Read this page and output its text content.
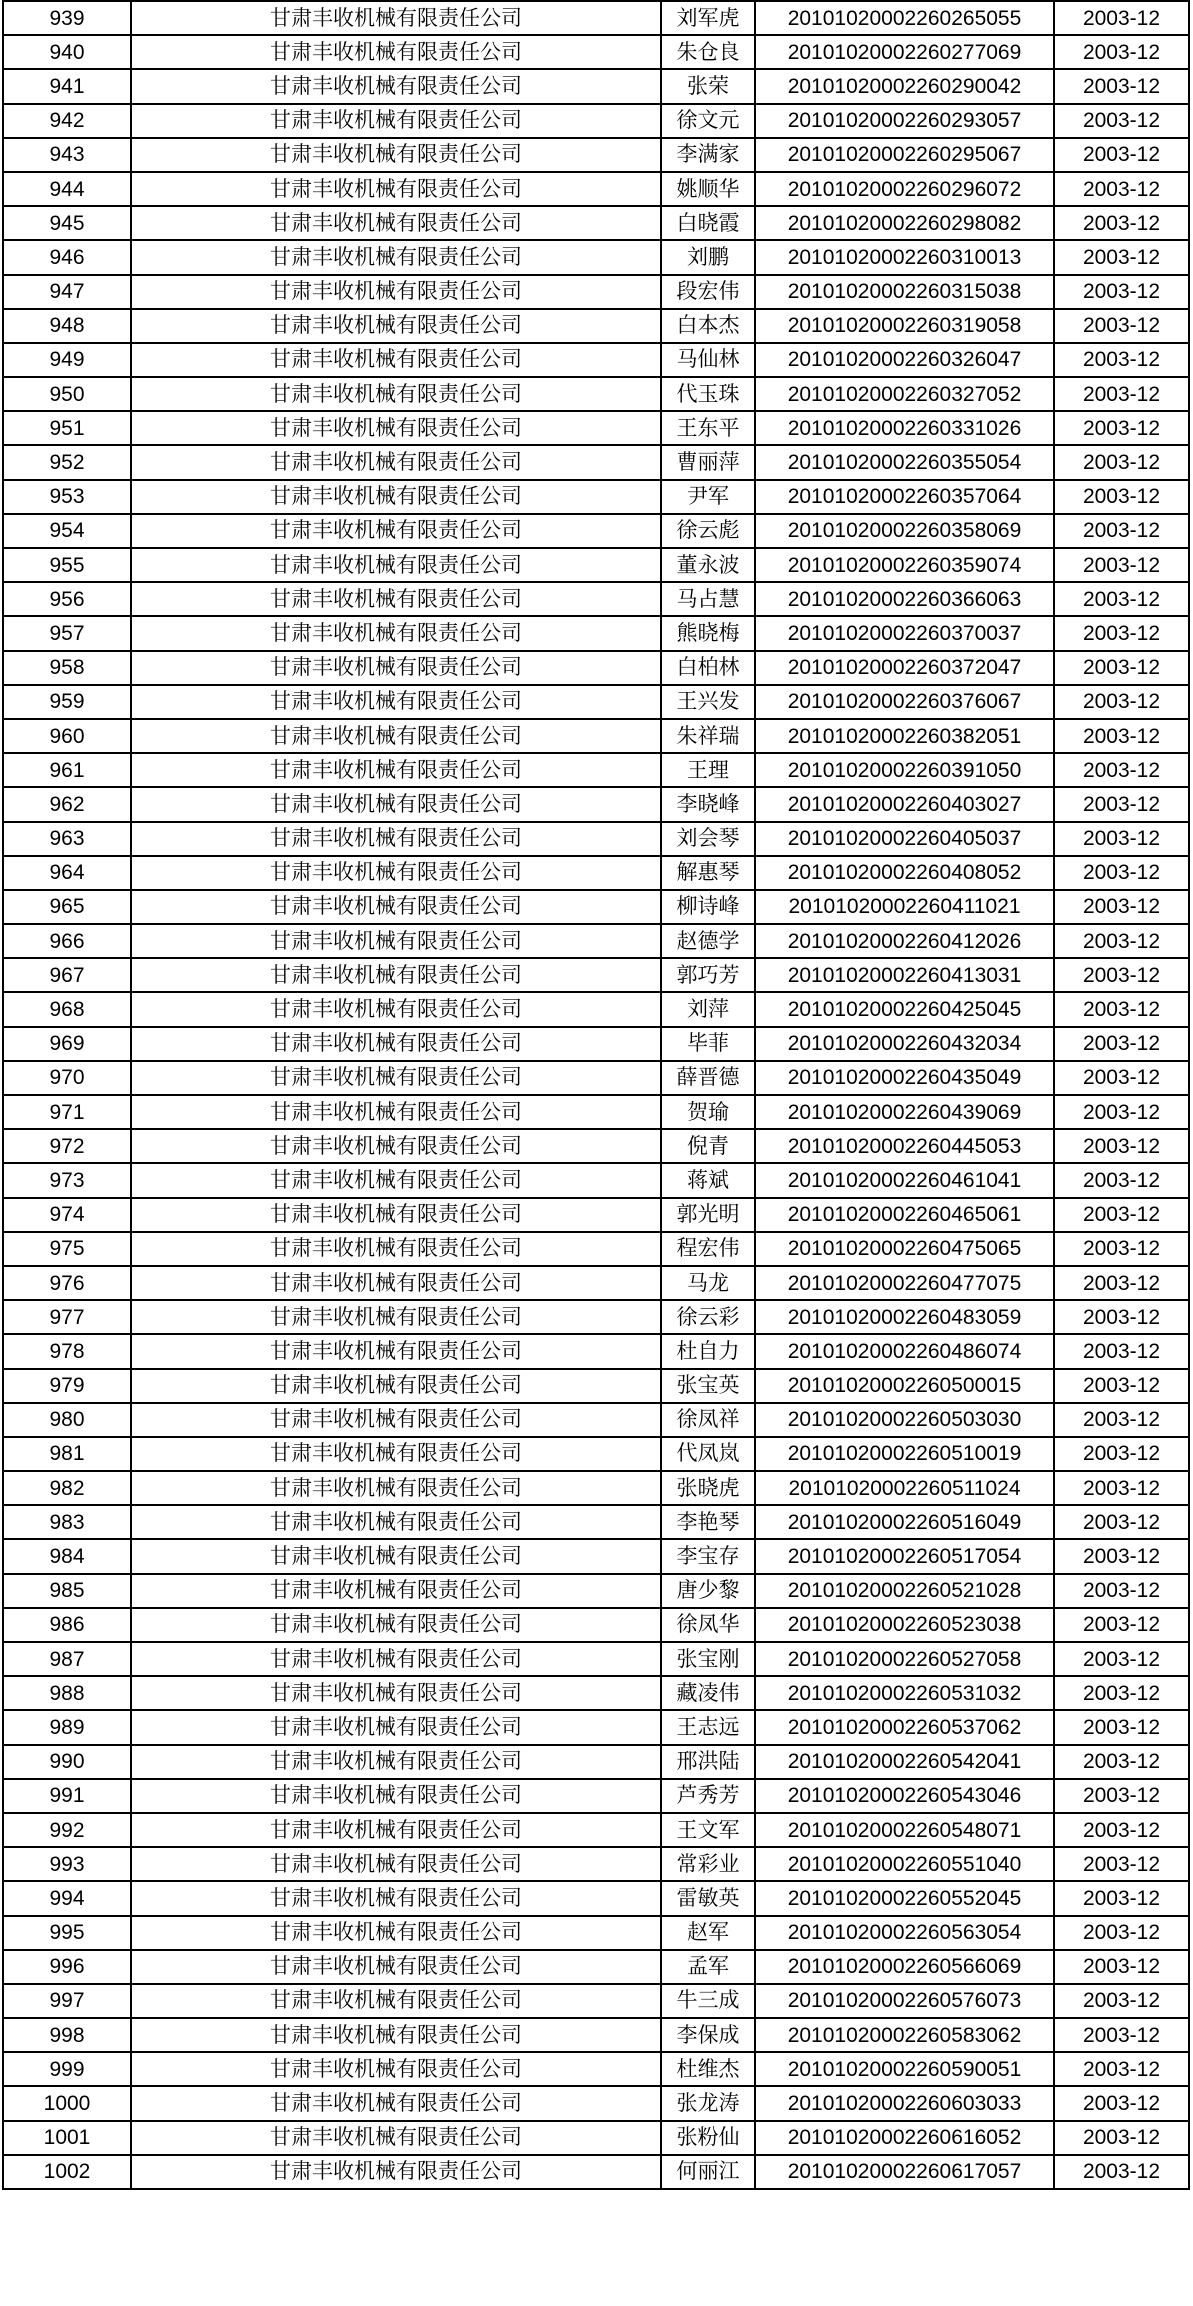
939	甘肃丰收机械有限责任公司	刘军虎	20101020002260265055	2003-12
940	甘肃丰收机械有限责任公司	朱仓良	20101020002260277069	2003-12
941	甘肃丰收机械有限责任公司	张荣	20101020002260290042	2003-12
942	甘肃丰收机械有限责任公司	徐文元	20101020002260293057	2003-12
943	甘肃丰收机械有限责任公司	李满家	20101020002260295067	2003-12
944	甘肃丰收机械有限责任公司	姚顺华	20101020002260296072	2003-12
945	甘肃丰收机械有限责任公司	白晓霞	20101020002260298082	2003-12
946	甘肃丰收机械有限责任公司	刘鹏	20101020002260310013	2003-12
947	甘肃丰收机械有限责任公司	段宏伟	20101020002260315038	2003-12
948	甘肃丰收机械有限责任公司	白本杰	20101020002260319058	2003-12
949	甘肃丰收机械有限责任公司	马仙林	20101020002260326047	2003-12
950	甘肃丰收机械有限责任公司	代玉珠	20101020002260327052	2003-12
951	甘肃丰收机械有限责任公司	王东平	20101020002260331026	2003-12
952	甘肃丰收机械有限责任公司	曹丽萍	20101020002260355054	2003-12
953	甘肃丰收机械有限责任公司	尹军	20101020002260357064	2003-12
954	甘肃丰收机械有限责任公司	徐云彪	20101020002260358069	2003-12
955	甘肃丰收机械有限责任公司	董永波	20101020002260359074	2003-12
956	甘肃丰收机械有限责任公司	马占慧	20101020002260366063	2003-12
957	甘肃丰收机械有限责任公司	熊晓梅	20101020002260370037	2003-12
958	甘肃丰收机械有限责任公司	白柏林	20101020002260372047	2003-12
959	甘肃丰收机械有限责任公司	王兴发	20101020002260376067	2003-12
960	甘肃丰收机械有限责任公司	朱祥瑞	20101020002260382051	2003-12
961	甘肃丰收机械有限责任公司	王理	20101020002260391050	2003-12
962	甘肃丰收机械有限责任公司	李晓峰	20101020002260403027	2003-12
963	甘肃丰收机械有限责任公司	刘会琴	20101020002260405037	2003-12
964	甘肃丰收机械有限责任公司	解惠琴	20101020002260408052	2003-12
965	甘肃丰收机械有限责任公司	柳诗峰	20101020002260411021	2003-12
966	甘肃丰收机械有限责任公司	赵德学	20101020002260412026	2003-12
967	甘肃丰收机械有限责任公司	郭巧芳	20101020002260413031	2003-12
968	甘肃丰收机械有限责任公司	刘萍	20101020002260425045	2003-12
969	甘肃丰收机械有限责任公司	毕菲	20101020002260432034	2003-12
970	甘肃丰收机械有限责任公司	薛晋德	20101020002260435049	2003-12
971	甘肃丰收机械有限责任公司	贺瑜	20101020002260439069	2003-12
972	甘肃丰收机械有限责任公司	倪青	20101020002260445053	2003-12
973	甘肃丰收机械有限责任公司	蒋斌	20101020002260461041	2003-12
974	甘肃丰收机械有限责任公司	郭光明	20101020002260465061	2003-12
975	甘肃丰收机械有限责任公司	程宏伟	20101020002260475065	2003-12
976	甘肃丰收机械有限责任公司	马龙	20101020002260477075	2003-12
977	甘肃丰收机械有限责任公司	徐云彩	20101020002260483059	2003-12
978	甘肃丰收机械有限责任公司	杜自力	20101020002260486074	2003-12
979	甘肃丰收机械有限责任公司	张宝英	20101020002260500015	2003-12
980	甘肃丰收机械有限责任公司	徐凤祥	20101020002260503030	2003-12
981	甘肃丰收机械有限责任公司	代凤岚	20101020002260510019	2003-12
982	甘肃丰收机械有限责任公司	张晓虎	20101020002260511024	2003-12
983	甘肃丰收机械有限责任公司	李艳琴	20101020002260516049	2003-12
984	甘肃丰收机械有限责任公司	李宝存	20101020002260517054	2003-12
985	甘肃丰收机械有限责任公司	唐少黎	20101020002260521028	2003-12
986	甘肃丰收机械有限责任公司	徐凤华	20101020002260523038	2003-12
987	甘肃丰收机械有限责任公司	张宝刚	20101020002260527058	2003-12
988	甘肃丰收机械有限责任公司	藏凌伟	20101020002260531032	2003-12
989	甘肃丰收机械有限责任公司	王志远	20101020002260537062	2003-12
990	甘肃丰收机械有限责任公司	邢洪陆	20101020002260542041	2003-12
991	甘肃丰收机械有限责任公司	芦秀芳	20101020002260543046	2003-12
992	甘肃丰收机械有限责任公司	王文军	20101020002260548071	2003-12
993	甘肃丰收机械有限责任公司	常彩业	20101020002260551040	2003-12
994	甘肃丰收机械有限责任公司	雷敏英	20101020002260552045	2003-12
995	甘肃丰收机械有限责任公司	赵军	20101020002260563054	2003-12
996	甘肃丰收机械有限责任公司	孟军	20101020002260566069	2003-12
997	甘肃丰收机械有限责任公司	牛三成	20101020002260576073	2003-12
998	甘肃丰收机械有限责任公司	李保成	20101020002260583062	2003-12
999	甘肃丰收机械有限责任公司	杜维杰	20101020002260590051	2003-12
1000	甘肃丰收机械有限责任公司	张龙涛	20101020002260603033	2003-12
1001	甘肃丰收机械有限责任公司	张粉仙	20101020002260616052	2003-12
1002	甘肃丰收机械有限责任公司	何丽江	20101020002260617057	2003-12
